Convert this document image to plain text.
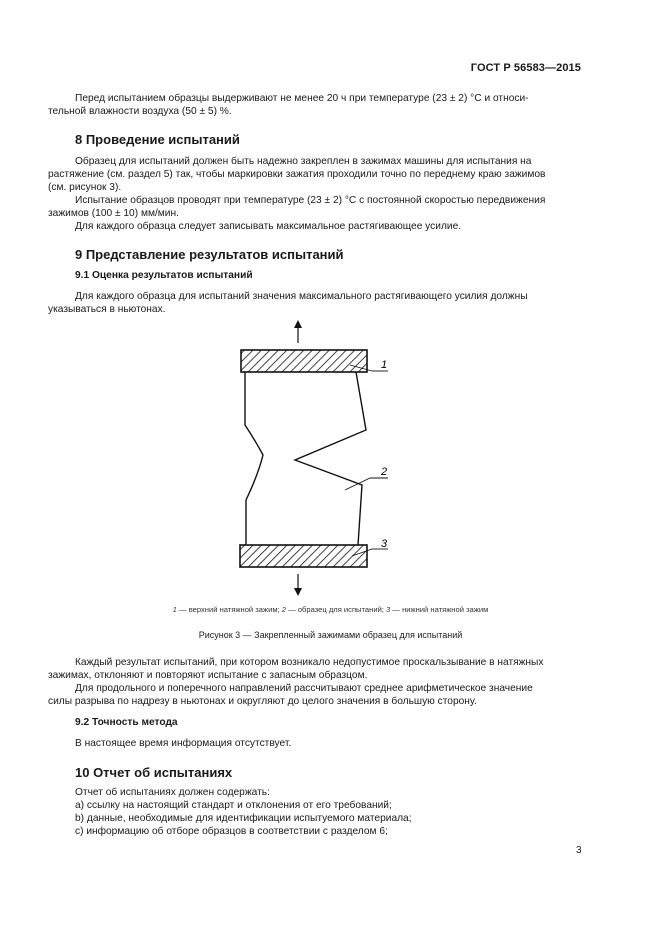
ГОСТ Р 56583—2015
Перед испытанием образцы выдерживают не менее 20 ч при температуре (23 ± 2) °С и относи-
тельной влажности воздуха (50 ± 5) %.
8 Проведение испытаний
Образец для испытаний должен быть надежно закреплен в зажимах машины для испытания на
растяжение (см. раздел 5) так, чтобы маркировки зажатия проходили точно по переднему краю зажимов
(см. рисунок 3).
Испытание образцов проводят при температуре (23 ± 2) °С с постоянной скоростью передвижения
зажимов (100 ± 10) мм/мин.
Для каждого образца следует записывать максимальное растягивающее усилие.
9 Представление результатов испытаний
9.1 Оценка результатов испытаний
Для каждого образца для испытаний значения максимального растягивающего усилия должны
указываться в ньютонах.
1
2
3
1 — верхний натяжной зажим; 2 — образец для испытаний; 3 — нижний натяжной зажим
Рисунок 3 — Закрепленный зажимами образец для испытаний
Каждый результат испытаний, при котором возникало недопустимое проскальзывание в натяжных
зажимах, отклоняют и повторяют испытание с запасным образцом.
Для продольного и поперечного направлений рассчитывают среднее арифметическое значение
силы разрыва по надрезу в ньютонах и округляют до целого значения в большую сторону.
9.2 Точность метода
В настоящее время информация отсутствует.
10 Отчет об испытаниях
Отчет об испытаниях должен содержать:
а) ссылку на настоящий стандарт и отклонения от его требований;
b) данные, необходимые для идентификации испытуемого материала;
с) информацию об отборе образцов в соответствии с разделом 6;
3
